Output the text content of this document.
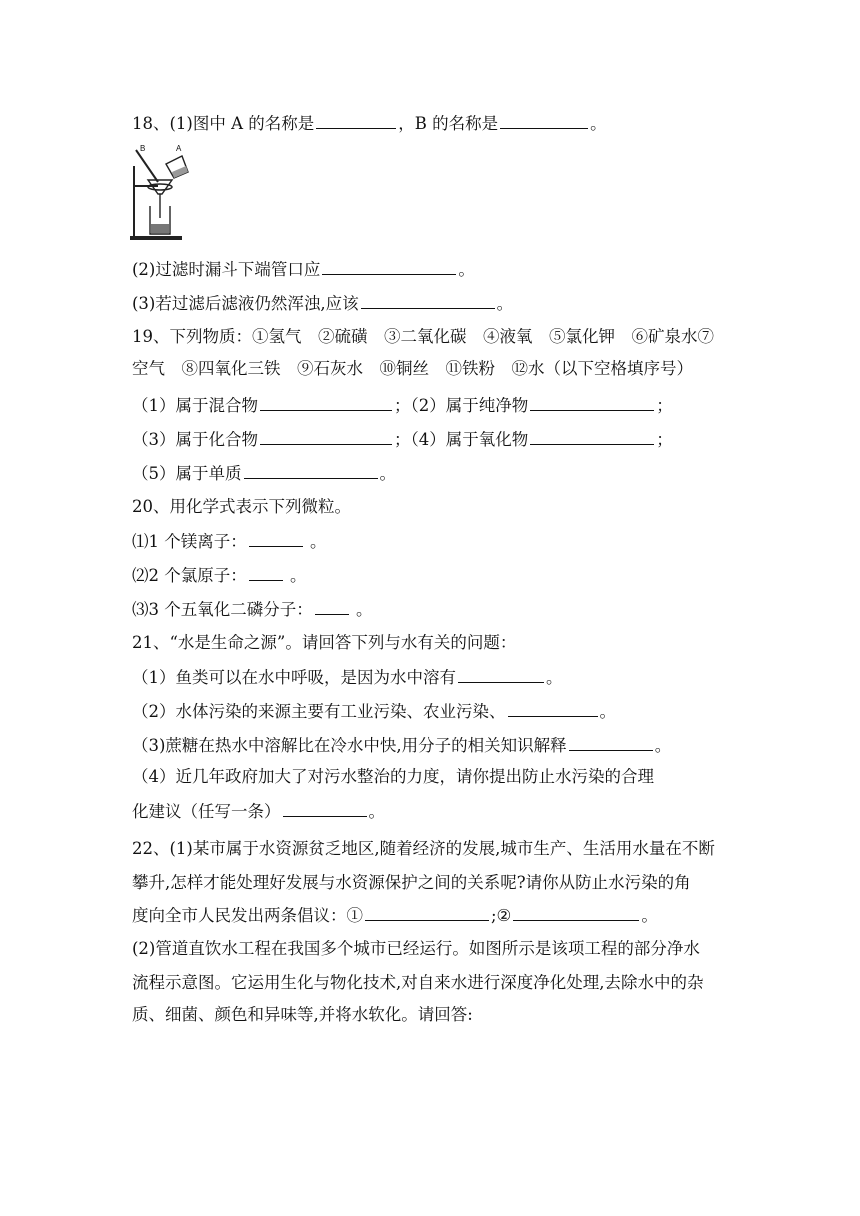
18、(1)图中 A 的名称是	，B 的名称是	。
B	A
(2)过滤时漏斗下端管口应	。
(3)若过滤后滤液仍然浑浊,应该	。
19、下列物质：①氢气　②硫磺　③二氧化碳　④液氧　⑤氯化钾　⑥矿泉水⑦
空气　⑧四氧化三铁　⑨石灰水　⑩铜丝　⑪铁粉　⑫水（以下空格填序号）
（1）属于混合物	；（2）属于纯净物	；
（3）属于化合物	；（4）属于氧化物	；
（5）属于单质	。
20、用化学式表示下列微粒。
⑴1 个镁离子：	。
⑵2 个氯原子： 。
⑶3 个五氧化二磷分子： 。
21、“水是生命之源”。请回答下列与水有关的问题：
（1）鱼类可以在水中呼吸，是因为水中溶有	。
（2）水体污染的来源主要有工业污染、农业污染、	。
（3)蔗糖在热水中溶解比在冷水中快,用分子的相关知识解释	。
（4）近几年政府加大了对污水整治的力度，请你提出防止水污染的合理
化建议（任写一条）	。
22、(1)某市属于水资源贫乏地区,随着经济的发展,城市生产、生活用水量在不断
攀升,怎样才能处理好发展与水资源保护之间的关系呢?请你从防止水污染的角
度向全市人民发出两条倡议：①	;②	。
(2)管道直饮水工程在我国多个城市已经运行。如图所示是该项工程的部分净水
流程示意图。它运用生化与物化技术,对自来水进行深度净化处理,去除水中的杂
质、细菌、颜色和异味等,并将水软化。请回答:
